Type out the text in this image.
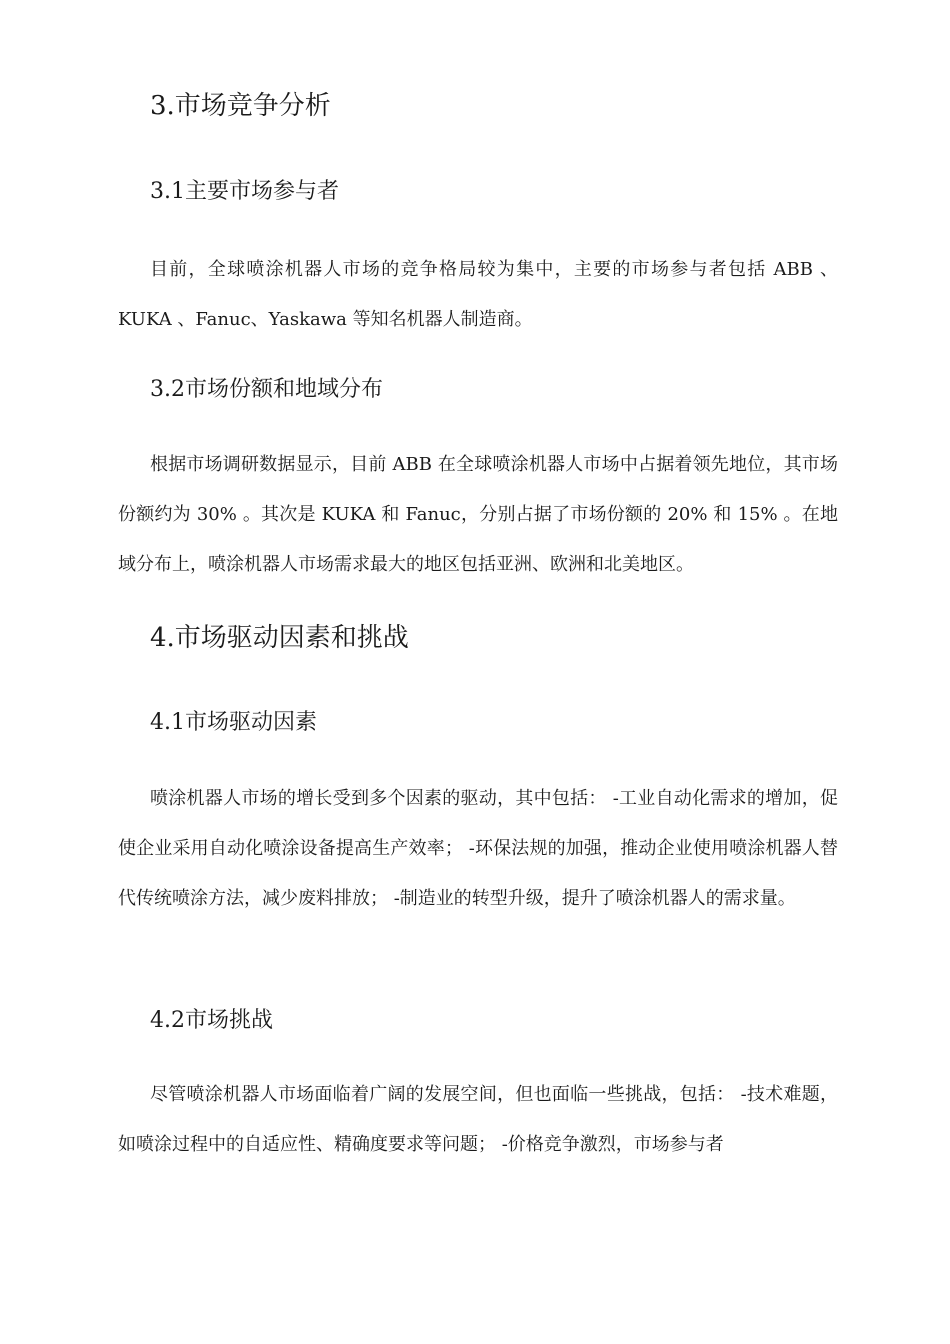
3.市场竞争分析
3.1主要市场参与者

目前，全球喷涂机器人市场的竞争格局较为集中，主要的市场参与者包括 ABB 、KUKA 、Fanuc、Yaskawa 等知名机器人制造商。

3.2市场份额和地域分布

根据市场调研数据显示，目前 ABB 在全球喷涂机器人市场中占据着领先地位，其市场份额约为 30% 。其次是 KUKA 和 Fanuc，分别占据了市场份额的 20% 和 15% 。在地域分布上，喷涂机器人市场需求最大的地区包括亚洲、欧洲和北美地区。

4.市场驱动因素和挑战
4.1市场驱动因素

喷涂机器人市场的增长受到多个因素的驱动，其中包括： -工业自动化需求的增加，促使企业采用自动化喷涂设备提高生产效率； -环保法规的加强，推动企业使用喷涂机器人替代传统喷涂方法，减少废料排放； -制造业的转型升级，提升了喷涂机器人的需求量。

4.2市场挑战

尽管喷涂机器人市场面临着广阔的发展空间，但也面临一些挑战，包括： -技术难题，如喷涂过程中的自适应性、精确度要求等问题； -价格竞争激烈，市场参与者
